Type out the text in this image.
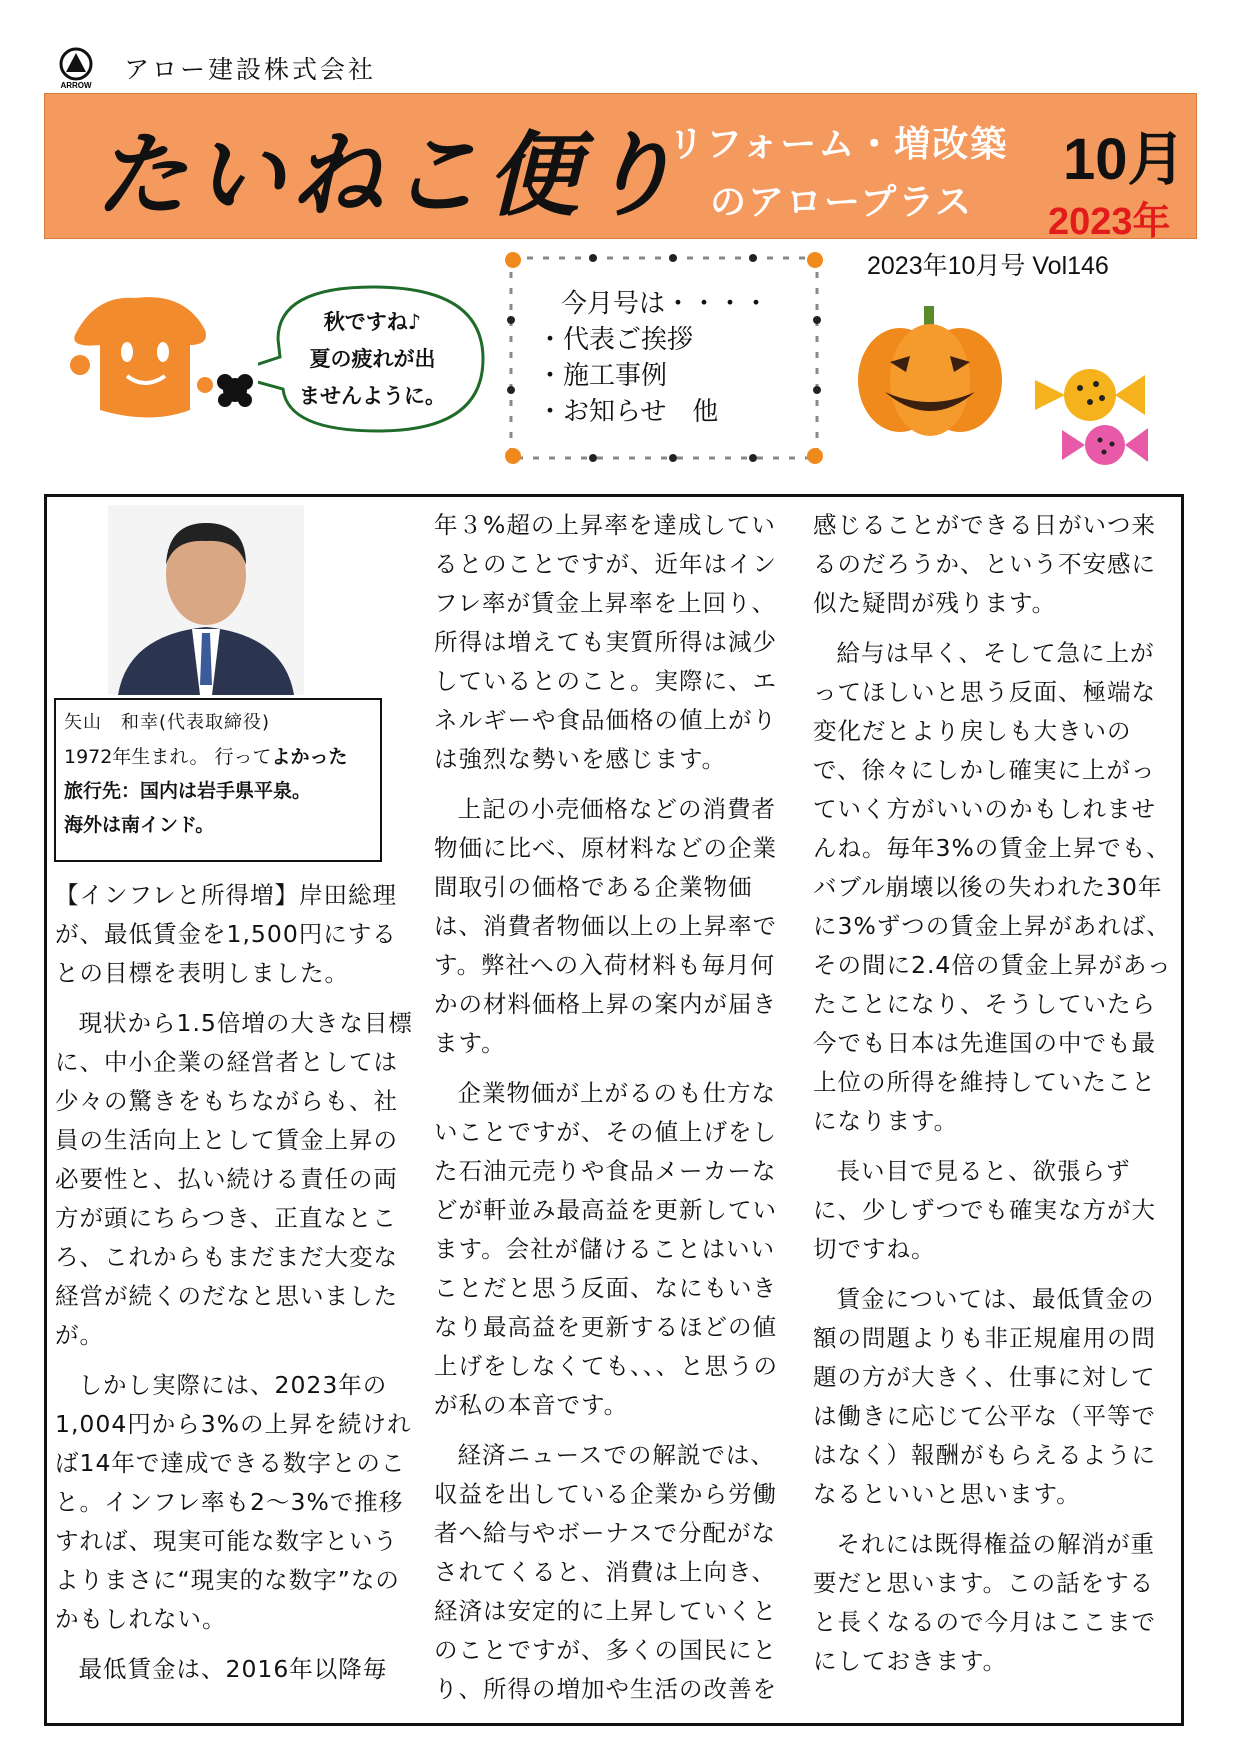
ARROW
アロー建設株式会社
たいねこ便り
リフォーム・増改築
のアロープラス
10月
2023年
2023年10月号 Vol146
秋ですね♪
夏の疲れが出
ませんように。
今月号は・・・・
・代表ご挨拶
・施工事例
・お知らせ　他
矢山　和幸(代表取締役)
1972年生まれ。 行ってよかった
旅行先：国内は岩手県平泉。
海外は南インド。

【インフレと所得増】岸田総理が、最低賃金を1,500円にするとの目標を表明しました。

現状から1.5倍増の大きな目標に、中小企業の経営者としては少々の驚きをもちながらも、社員の生活向上として賃金上昇の必要性と、払い続ける責任の両方が頭にちらつき、正直なところ、これからもまだまだ大変な経営が続くのだなと思いましたが。

しかし実際には、2023年の1,004円から3%の上昇を続ければ14年で達成できる数字とのこと。インフレ率も2～3%で推移すれば、現実可能な数字というよりまさに“現実的な数字”なのかもしれない。

最低賃金は、2016年以降毎

年３%超の上昇率を達成しているとのことですが、近年はインフレ率が賃金上昇率を上回り、所得は増えても実質所得は減少しているとのこと。実際に、エネルギーや食品価格の値上がりは強烈な勢いを感じます。

上記の小売価格などの消費者物価に比べ、原材料などの企業間取引の価格である企業物価は、消費者物価以上の上昇率です。弊社への入荷材料も毎月何かの材料価格上昇の案内が届きます。

企業物価が上がるのも仕方ないことですが、その値上げをした石油元売りや食品メーカーなどが軒並み最高益を更新しています。会社が儲けることはいいことだと思う反面、なにもいきなり最高益を更新するほどの値上げをしなくても、、、と思うのが私の本音です。

経済ニュースでの解説では、収益を出している企業から労働者へ給与やボーナスで分配がなされてくると、消費は上向き、経済は安定的に上昇していくとのことですが、多くの国民にとり、所得の増加や生活の改善を

感じることができる日がいつ来るのだろうか、という不安感に似た疑問が残ります。

給与は早く、そして急に上がってほしいと思う反面、極端な変化だとより戻しも大きいので、徐々にしかし確実に上がっていく方がいいのかもしれませんね。毎年3%の賃金上昇でも、バブル崩壊以後の失われた30年に3%ずつの賃金上昇があれば、その間に2.4倍の賃金上昇があったことになり、そうしていたら今でも日本は先進国の中でも最上位の所得を維持していたことになります。

長い目で見ると、欲張らずに、少しずつでも確実な方が大切ですね。

賃金については、最低賃金の額の問題よりも非正規雇用の問題の方が大きく、仕事に対しては働きに応じて公平な（平等ではなく）報酬がもらえるようになるといいと思います。

それには既得権益の解消が重要だと思います。この話をすると長くなるので今月はここまでにしておきます。
